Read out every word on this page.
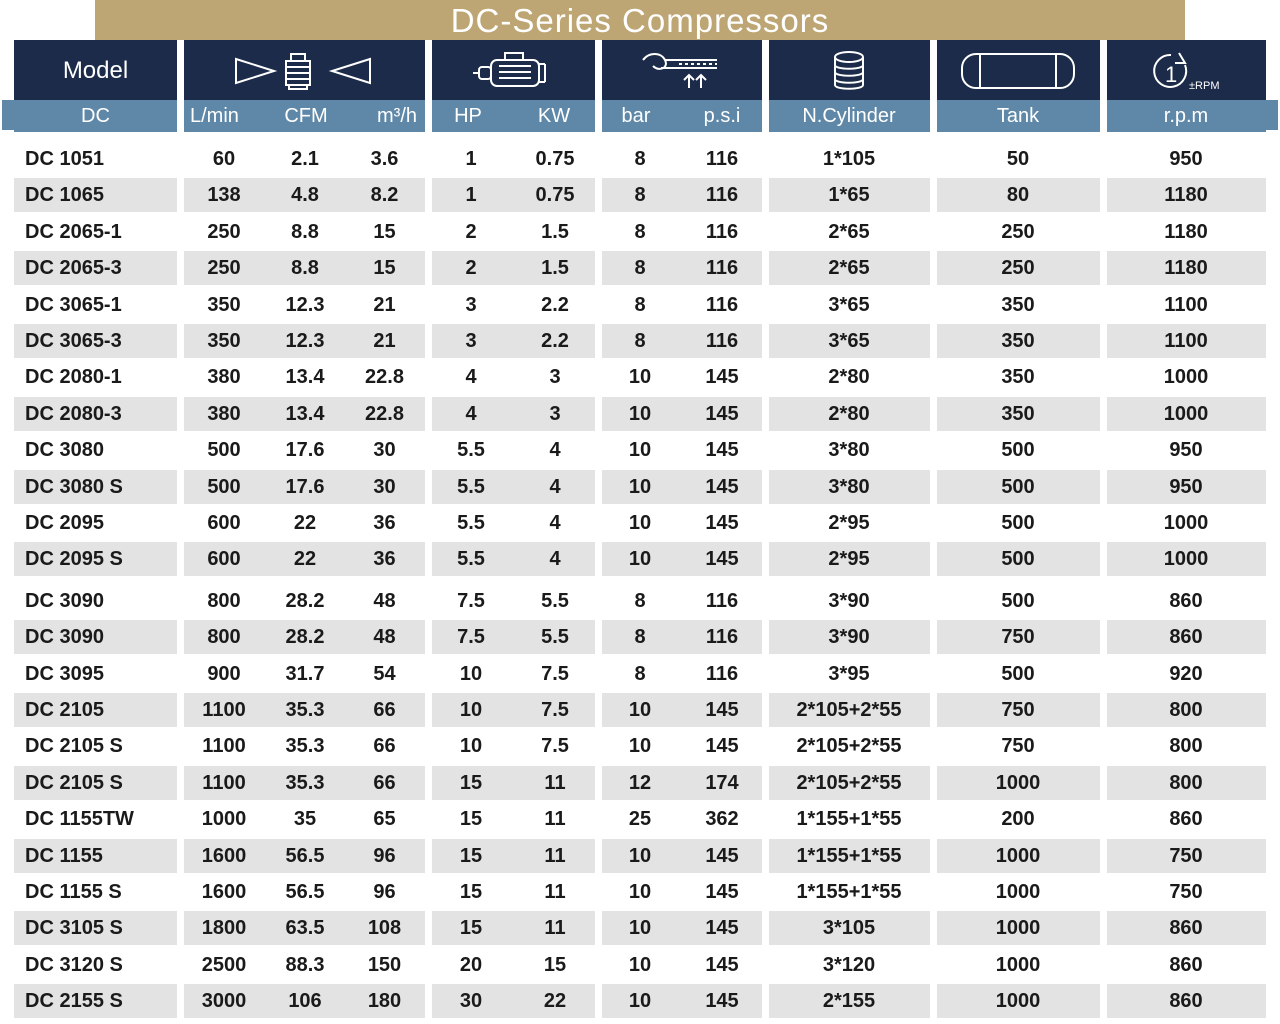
DC-Series Compressors
Model	1 ±RPM
DC	L/min	CFM	m³/h	HP	KW	bar	p.s.i	N.Cylinder	Tank	r.p.m
DC 1051	60	2.1	3.6	1	0.75	8	116	1*105	50	950
DC 1065	138	4.8	8.2	1	0.75	8	116	1*65	80	1180
DC 2065-1	250	8.8	15	2	1.5	8	116	2*65	250	1180
DC 2065-3	250	8.8	15	2	1.5	8	116	2*65	250	1180
DC 3065-1	350	12.3	21	3	2.2	8	116	3*65	350	1100
DC 3065-3	350	12.3	21	3	2.2	8	116	3*65	350	1100
DC 2080-1	380	13.4	22.8	4	3	10	145	2*80	350	1000
DC 2080-3	380	13.4	22.8	4	3	10	145	2*80	350	1000
DC 3080	500	17.6	30	5.5	4	10	145	3*80	500	950
DC 3080 S	500	17.6	30	5.5	4	10	145	3*80	500	950
DC 2095	600	22	36	5.5	4	10	145	2*95	500	1000
DC 2095 S	600	22	36	5.5	4	10	145	2*95	500	1000
DC 3090	800	28.2	48	7.5	5.5	8	116	3*90	500	860
DC 3090	800	28.2	48	7.5	5.5	8	116	3*90	750	860
DC 3095	900	31.7	54	10	7.5	8	116	3*95	500	920
DC 2105	1100	35.3	66	10	7.5	10	145	2*105+2*55	750	800
DC 2105 S	1100	35.3	66	10	7.5	10	145	2*105+2*55	750	800
DC 2105 S	1100	35.3	66	15	11	12	174	2*105+2*55	1000	800
DC 1155TW	1000	35	65	15	11	25	362	1*155+1*55	200	860
DC 1155	1600	56.5	96	15	11	10	145	1*155+1*55	1000	750
DC 1155 S	1600	56.5	96	15	11	10	145	1*155+1*55	1000	750
DC 3105 S	1800	63.5	108	15	11	10	145	3*105	1000	860
DC 3120 S	2500	88.3	150	20	15	10	145	3*120	1000	860
DC 2155 S	3000	106	180	30	22	10	145	2*155	1000	860
